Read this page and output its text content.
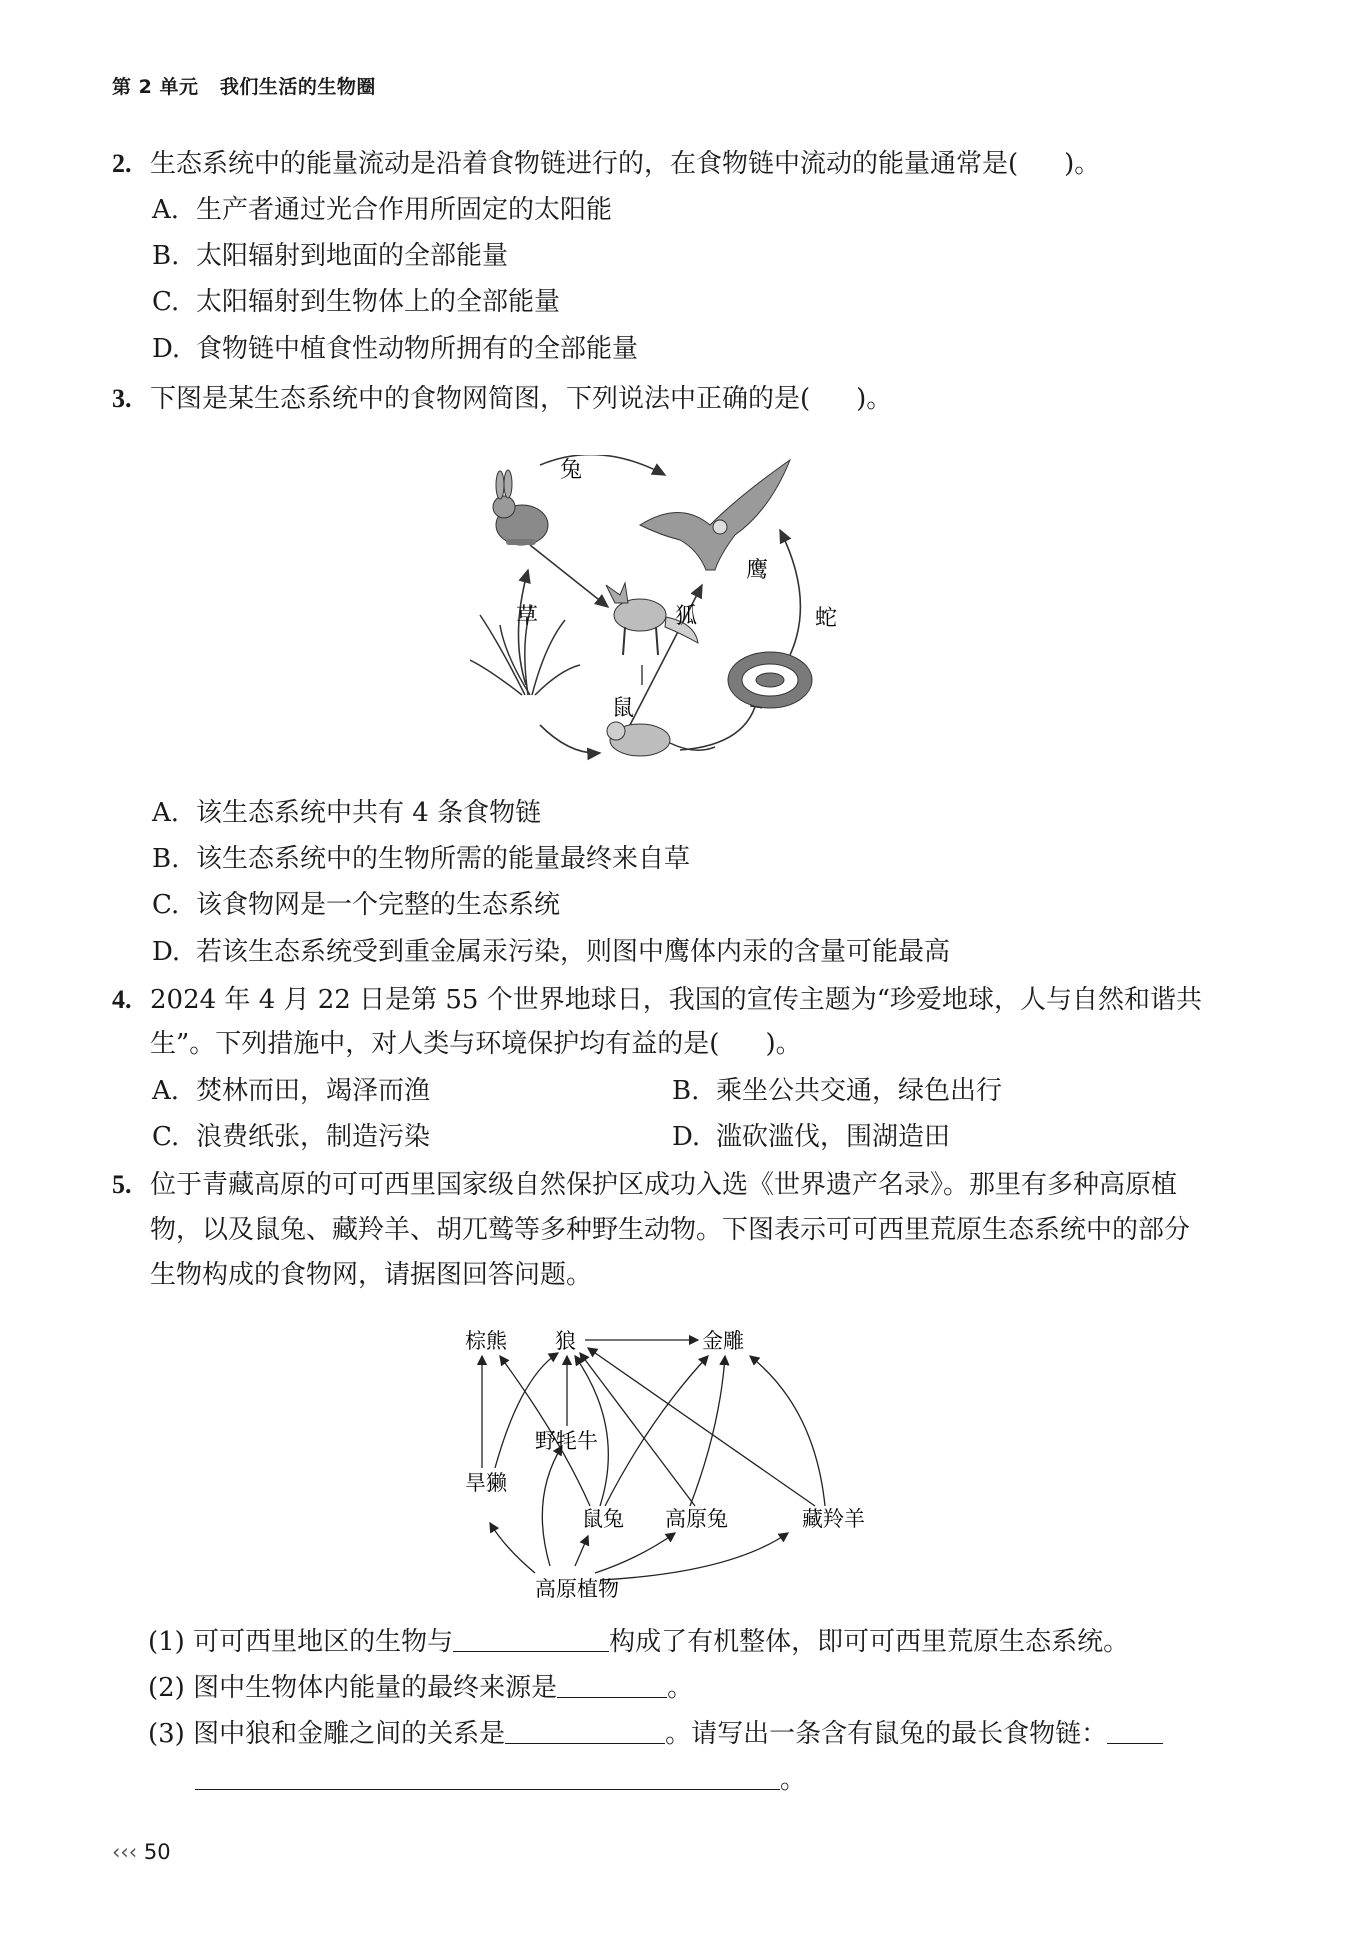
第 2 单元 我们生活的生物圈
2. 生态系统中的能量流动是沿着食物链进行的，在食物链中流动的能量通常是( )。
A. 生产者通过光合作用所固定的太阳能
B. 太阳辐射到地面的全部能量
C. 太阳辐射到生物体上的全部能量
D. 食物链中植食性动物所拥有的全部能量
3. 下图是某生态系统中的食物网简图，下列说法中正确的是( )。
兔
鹰
草	狐	蛇
鼠
A. 该生态系统中共有 4 条食物链
B. 该生态系统中的生物所需的能量最终来自草
C. 该食物网是一个完整的生态系统
D. 若该生态系统受到重金属汞污染，则图中鹰体内汞的含量可能最高
4. 2024 年 4 月 22 日是第 55 个世界地球日，我国的宣传主题为“珍爱地球，人与自然和谐共
生”。下列措施中，对人类与环境保护均有益的是( )。
A. 焚林而田，竭泽而渔	B. 乘坐公共交通，绿色出行
C. 浪费纸张，制造污染	D. 滥砍滥伐，围湖造田
5. 位于青藏高原的可可西里国家级自然保护区成功入选《世界遗产名录》。那里有多种高原植
物，以及鼠兔、藏羚羊、胡兀鹫等多种野生动物。下图表示可可西里荒原生态系统中的部分
生物构成的食物网，请据图回答问题。
棕熊 狼	金雕
野牦牛
旱獭
鼠兔 高原兔	藏羚羊
高原植物
(1) 可可西里地区的生物与	构成了有机整体，即可可西里荒原生态系统。
(2) 图中生物体内能量的最终来源是	。
(3) 图中狼和金雕之间的关系是	。请写出一条含有鼠兔的最长食物链：
。
‹‹‹ 50
